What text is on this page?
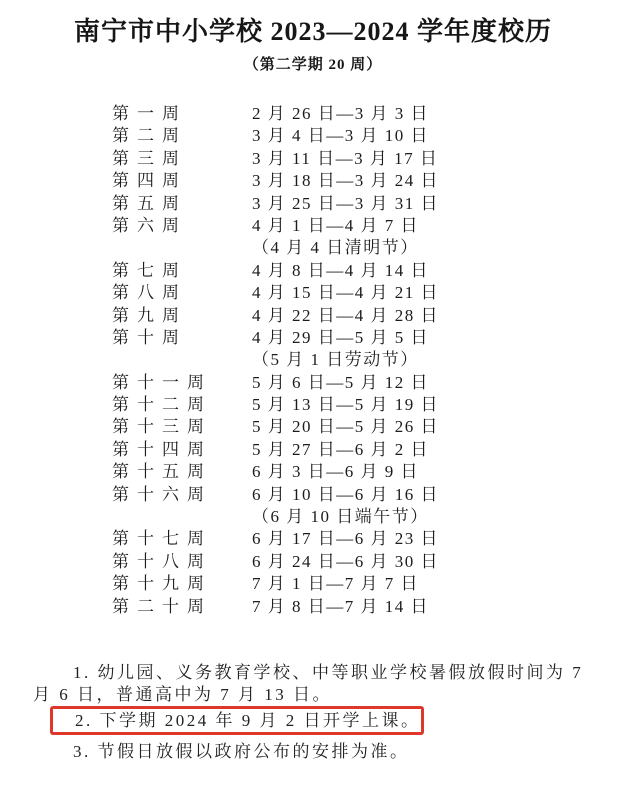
南宁市中小学校 2023—2024 学年度校历
（第二学期 20 周）
第一周	2 月 26 日—3 月 3 日
第二周	3 月 4 日—3 月 10 日
第三周	3 月 11 日—3 月 17 日
第四周	3 月 18 日—3 月 24 日
第五周	3 月 25 日—3 月 31 日
第六周	4 月 1 日—4 月 7 日
（4 月 4 日清明节）
第七周	4 月 8 日—4 月 14 日
第八周	4 月 15 日—4 月 21 日
第九周	4 月 22 日—4 月 28 日
第十周	4 月 29 日—5 月 5 日
（5 月 1 日劳动节）
第十一周	5 月 6 日—5 月 12 日
第十二周	5 月 13 日—5 月 19 日
第十三周	5 月 20 日—5 月 26 日
第十四周	5 月 27 日—6 月 2 日
第十五周	6 月 3 日—6 月 9 日
第十六周	6 月 10 日—6 月 16 日
（6 月 10 日端午节）
第十七周	6 月 17 日—6 月 23 日
第十八周	6 月 24 日—6 月 30 日
第十九周	7 月 1 日—7 月 7 日
第二十周	7 月 8 日—7 月 14 日
1. 幼儿园、义务教育学校、中等职业学校暑假放假时间为 7
月 6 日，普通高中为 7 月 13 日。
2. 下学期 2024 年 9 月 2 日开学上课。
3. 节假日放假以政府公布的安排为准。
